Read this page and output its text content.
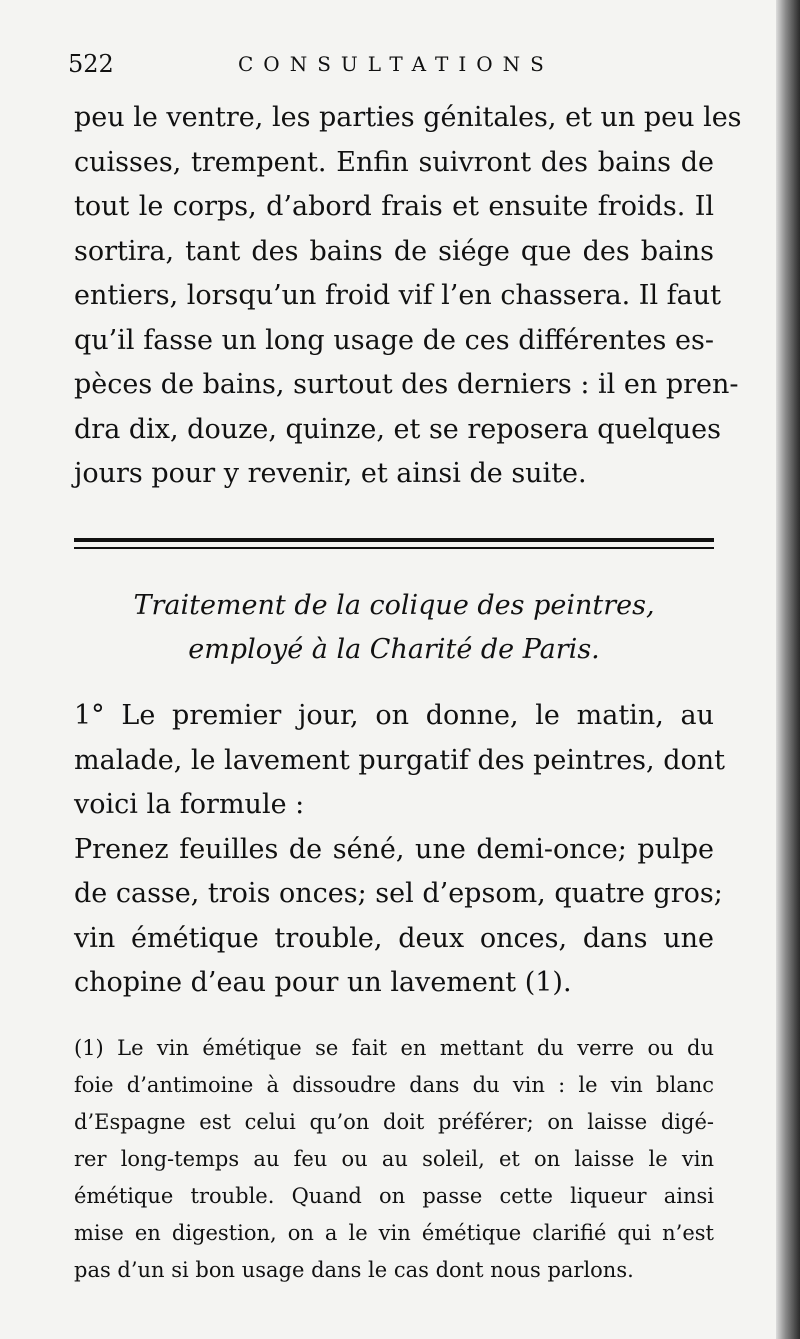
522	CONSULTATIONS
peu le ventre, les parties génitales, et un peu les
cuisses, trempent. Enfin suivront des bains de
tout le corps, d’abord frais et ensuite froids. Il
sortira, tant des bains de siége que des bains
entiers, lorsqu’un froid vif l’en chassera. Il faut
qu’il fasse un long usage de ces différentes es-
pèces de bains, surtout des derniers : il en pren-
dra dix, douze, quinze, et se reposera quelques
jours pour y revenir, et ainsi de suite.
Traitement de la colique des peintres,
employé à la Charité de Paris.
1° Le premier jour, on donne, le matin, au
malade, le lavement purgatif des peintres, dont
voici la formule :
Prenez feuilles de séné, une demi-once; pulpe
de casse, trois onces; sel d’epsom, quatre gros;
vin émétique trouble, deux onces, dans une
chopine d’eau pour un lavement (1).
(1) Le vin émétique se fait en mettant du verre ou du
foie d’antimoine à dissoudre dans du vin : le vin blanc
d’Espagne est celui qu’on doit préférer; on laisse digé-
rer long-temps au feu ou au soleil, et on laisse le vin
émétique trouble. Quand on passe cette liqueur ainsi
mise en digestion, on a le vin émétique clarifié qui n’est
pas d’un si bon usage dans le cas dont nous parlons.
